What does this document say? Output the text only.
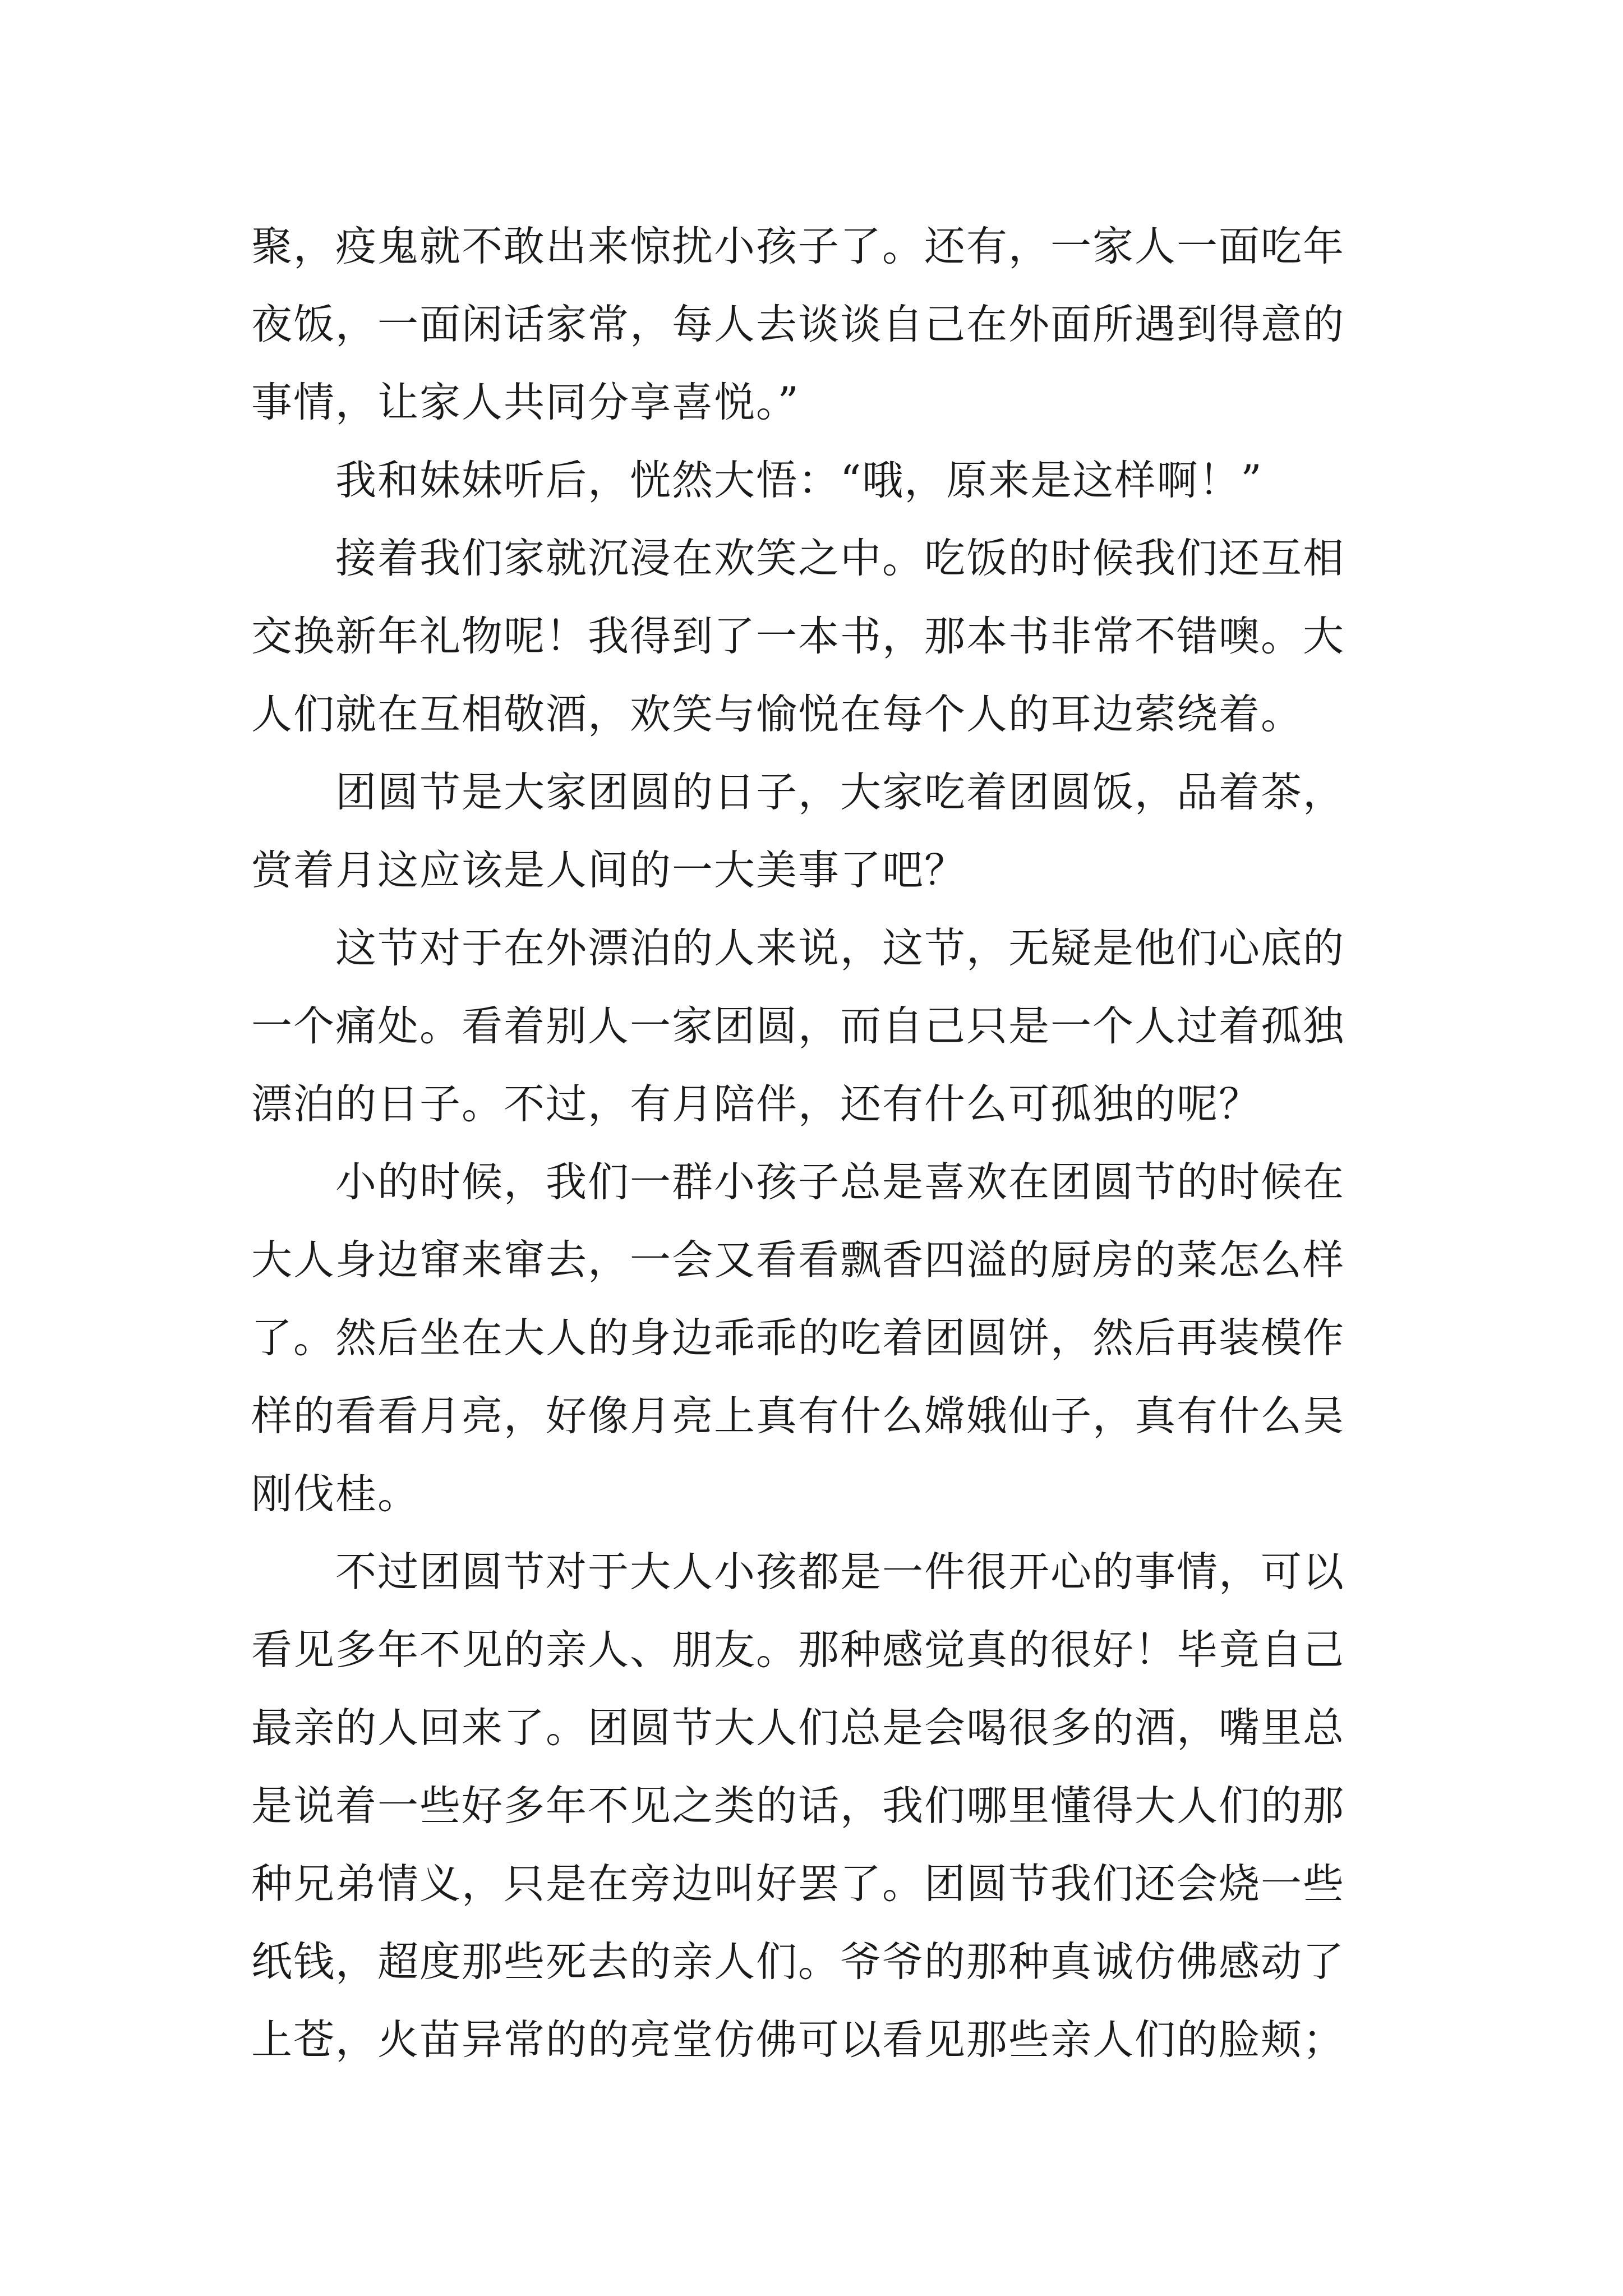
聚，疫鬼就不敢出来惊扰小孩子了。还有，一家人一面吃年
夜饭，一面闲话家常，每人去谈谈自己在外面所遇到得意的
事情，让家人共同分享喜悦。”

　　我和妹妹听后，恍然大悟：“哦，原来是这样啊！”

　　接着我们家就沉浸在欢笑之中。吃饭的时候我们还互相
交换新年礼物呢！我得到了一本书，那本书非常不错噢。大
人们就在互相敬酒，欢笑与愉悦在每个人的耳边萦绕着。

　　团圆节是大家团圆的日子，大家吃着团圆饭，品着茶，
赏着月这应该是人间的一大美事了吧？

　　这节对于在外漂泊的人来说，这节，无疑是他们心底的
一个痛处。看着别人一家团圆，而自己只是一个人过着孤独
漂泊的日子。不过，有月陪伴，还有什么可孤独的呢？

　　小的时候，我们一群小孩子总是喜欢在团圆节的时候在
大人身边窜来窜去，一会又看看飘香四溢的厨房的菜怎么样
了。然后坐在大人的身边乖乖的吃着团圆饼，然后再装模作
样的看看月亮，好像月亮上真有什么嫦娥仙子，真有什么吴
刚伐桂。

　　不过团圆节对于大人小孩都是一件很开心的事情，可以
看见多年不见的亲人、朋友。那种感觉真的很好！毕竟自己
最亲的人回来了。团圆节大人们总是会喝很多的酒，嘴里总
是说着一些好多年不见之类的话，我们哪里懂得大人们的那
种兄弟情义，只是在旁边叫好罢了。团圆节我们还会烧一些
纸钱，超度那些死去的亲人们。爷爷的那种真诚仿佛感动了
上苍，火苗异常的的亮堂仿佛可以看见那些亲人们的脸颊；
